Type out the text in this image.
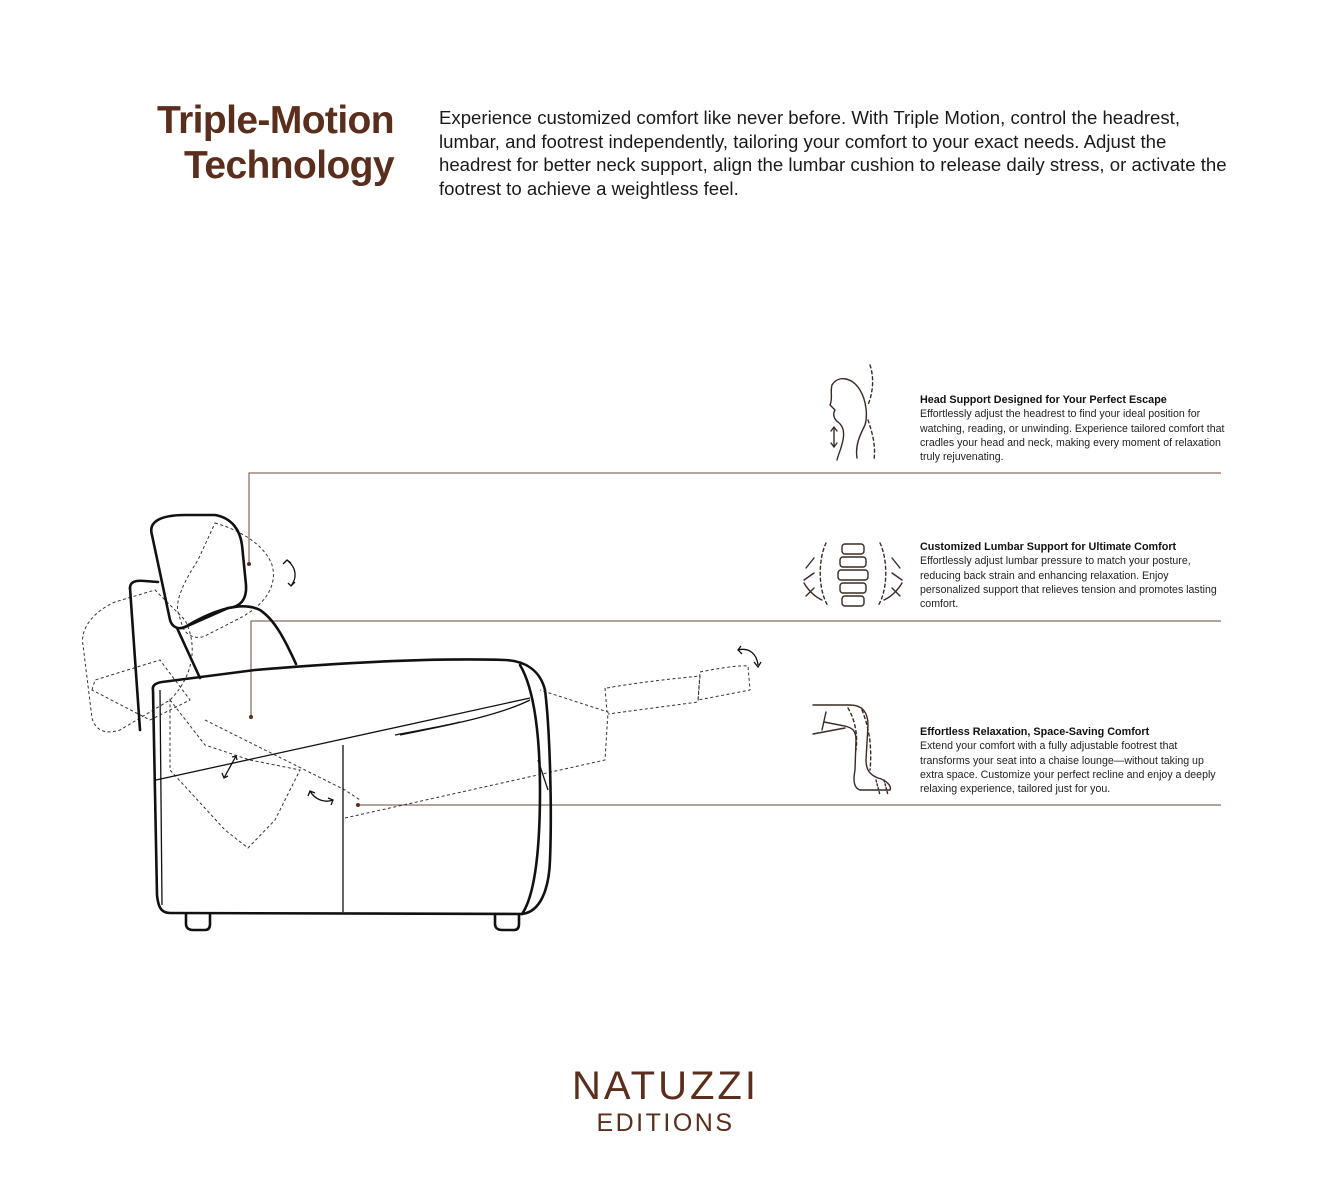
Triple-Motion
Technology
Experience customized comfort like never before. With Triple Motion, control the headrest, lumbar, and footrest independently, tailoring your comfort to your exact needs. Adjust the headrest for better neck support, align the lumbar cushion to release daily stress, or activate the footrest to achieve a weightless feel.
Head Support Designed for Your Perfect Escape

Effortlessly adjust the headrest to find your ideal position for watching, reading, or unwinding. Experience tailored comfort that cradles your head and neck, making every moment of relaxation truly rejuvenating.

Customized Lumbar Support for Ultimate Comfort

Effortlessly adjust lumbar pressure to match your posture, reducing back strain and enhancing relaxation. Enjoy personalized support that relieves tension and promotes lasting comfort.

Effortless Relaxation, Space-Saving Comfort

Extend your comfort with a fully adjustable footrest that transforms your seat into a chaise lounge—without taking up extra space. Customize your perfect recline and enjoy a deeply relaxing experience, tailored just for you.

NATUZZI
EDITIONS
